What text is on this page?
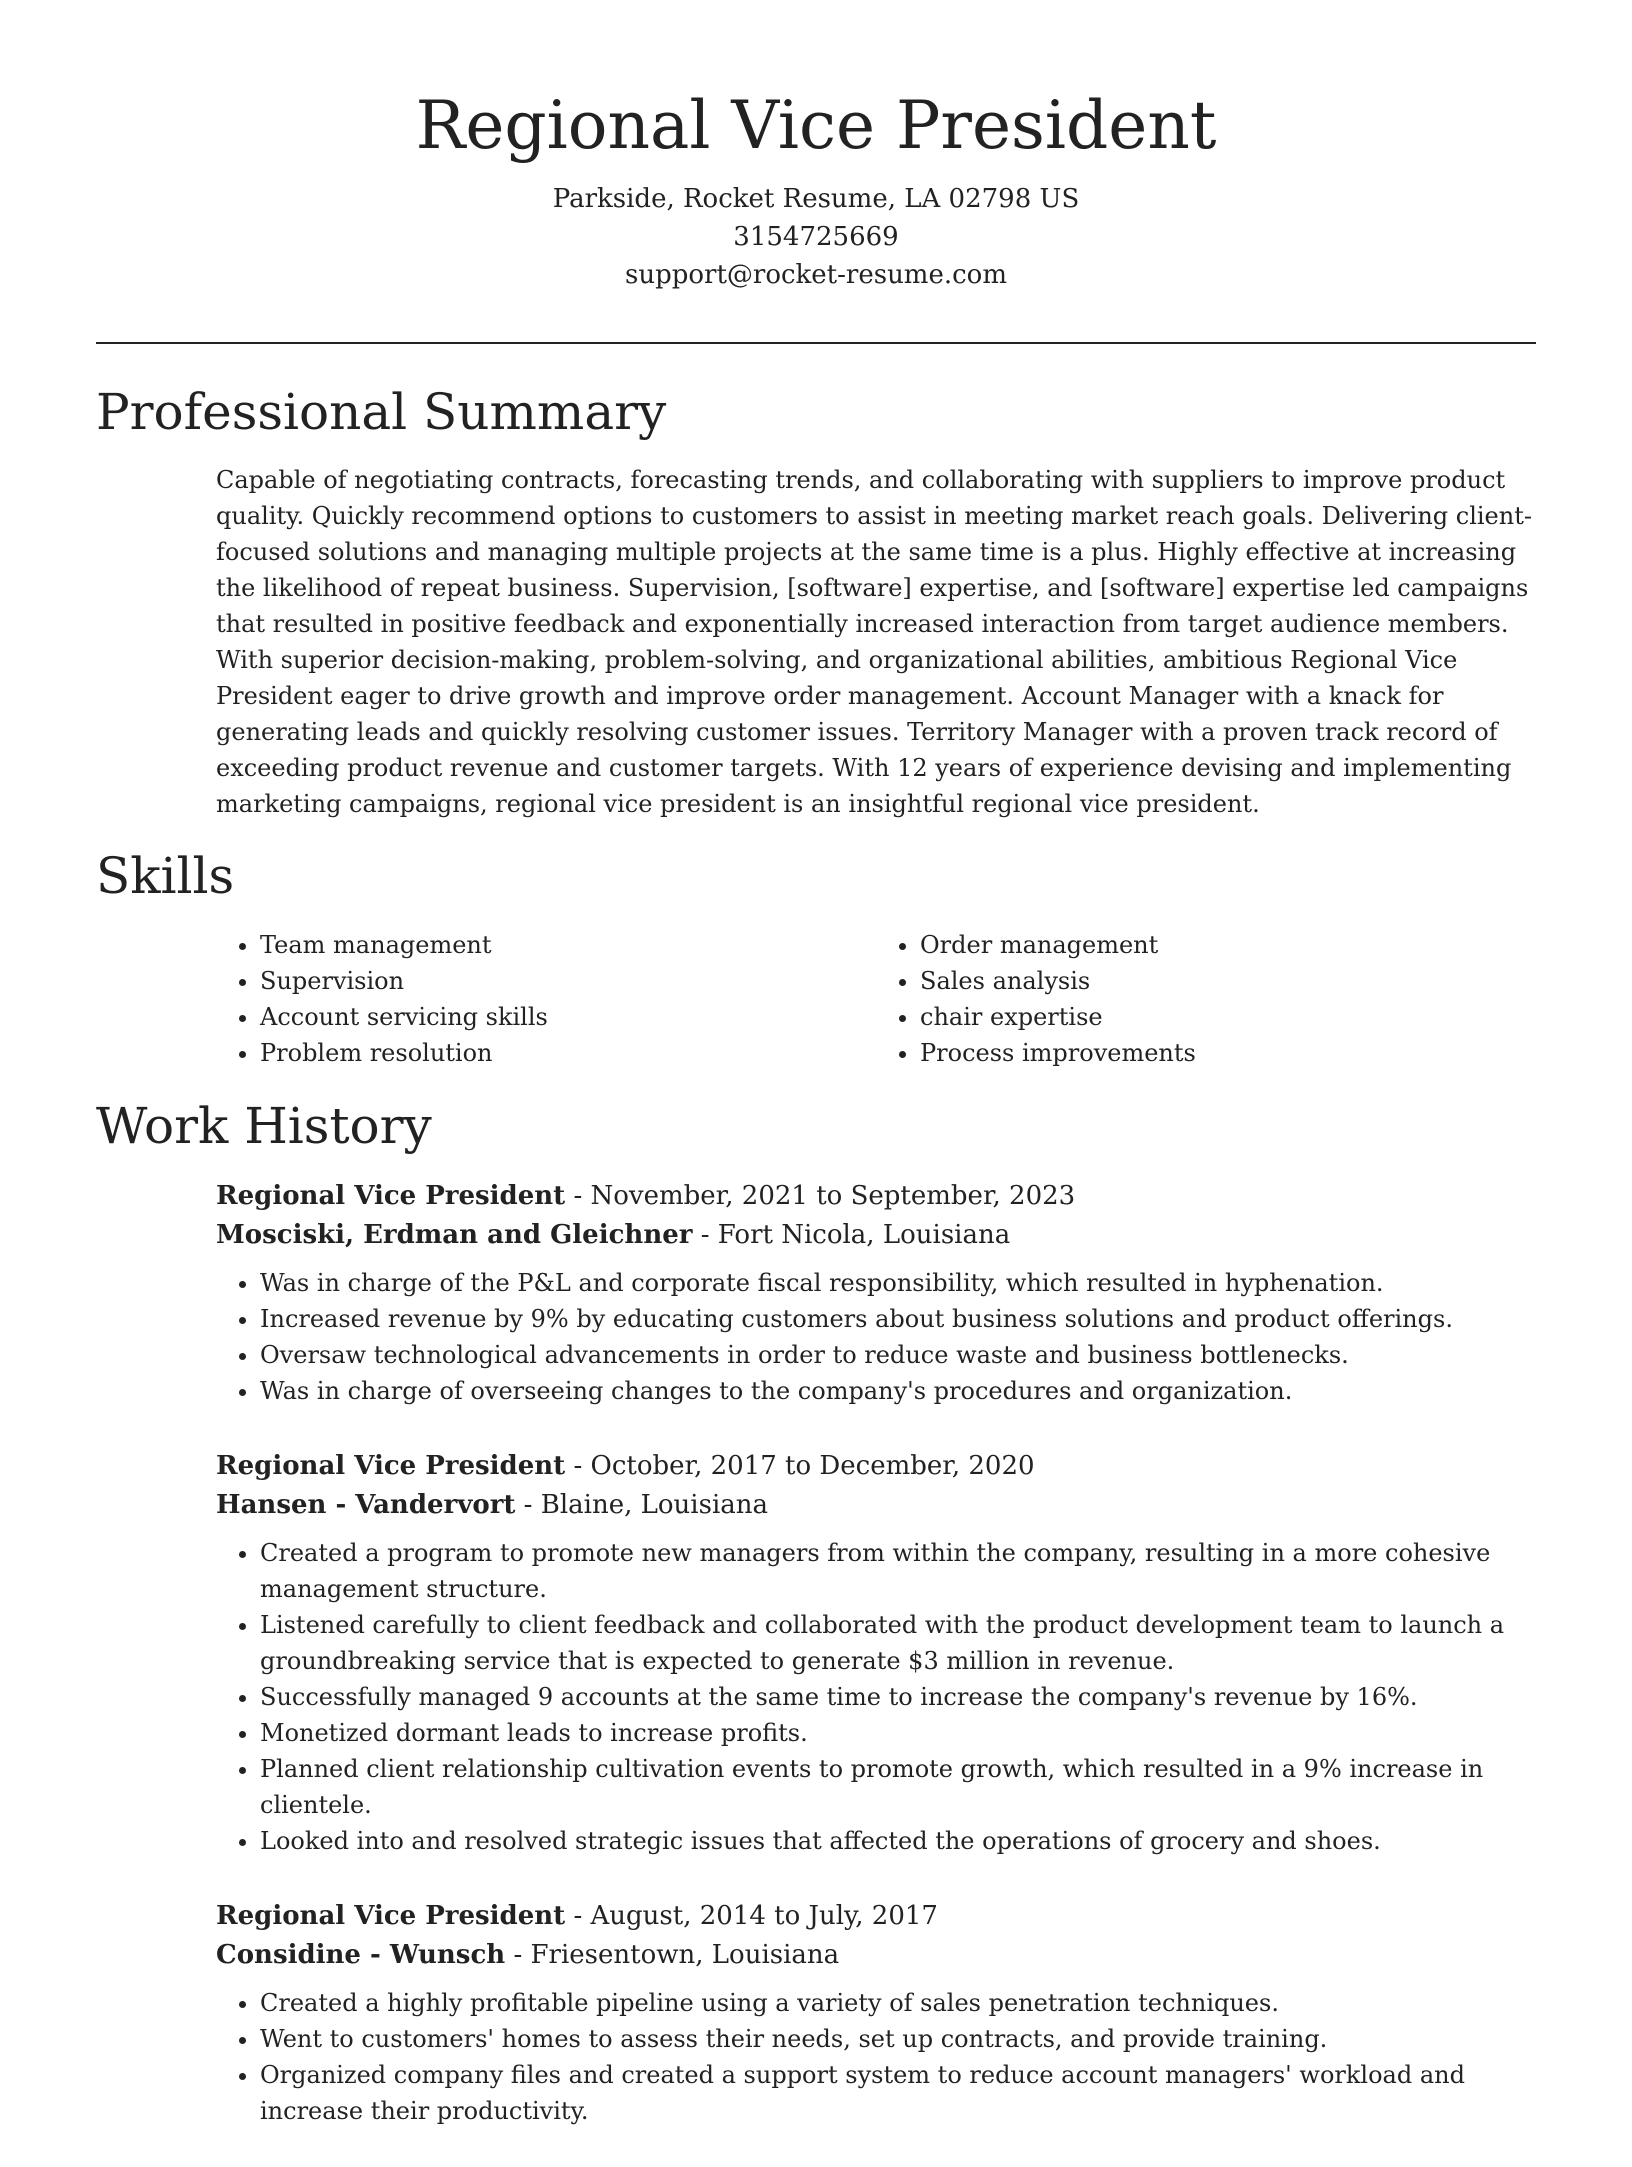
Regional Vice President
Parkside, Rocket Resume, LA 02798 US
3154725669
support@rocket-resume.com
Professional Summary

Capable of negotiating contracts, forecasting trends, and collaborating with suppliers to improve product quality. Quickly recommend options to customers to assist in meeting market reach goals. Delivering client-focused solutions and managing multiple projects at the same time is a plus. Highly effective at increasing the likelihood of repeat business. Supervision, [software] expertise, and [software] expertise led campaigns that resulted in positive feedback and exponentially increased interaction from target audience members. With superior decision-making, problem-solving, and organizational abilities, ambitious Regional Vice President eager to drive growth and improve order management. Account Manager with a knack for generating leads and quickly resolving customer issues. Territory Manager with a proven track record of exceeding product revenue and customer targets. With 12 years of experience devising and implementing marketing campaigns, regional vice president is an insightful regional vice president.

Skills
• Team management
• Supervision
• Account servicing skills
• Problem resolution
• Order management
• Sales analysis
• chair expertise
• Process improvements
Work History
Regional Vice President - November, 2021 to September, 2023
Mosciski, Erdman and Gleichner - Fort Nicola, Louisiana
• Was in charge of the P&L and corporate fiscal responsibility, which resulted in hyphenation.
• Increased revenue by 9% by educating customers about business solutions and product offerings.
• Oversaw technological advancements in order to reduce waste and business bottlenecks.
• Was in charge of overseeing changes to the company's procedures and organization.
Regional Vice President - October, 2017 to December, 2020
Hansen - Vandervort - Blaine, Louisiana
• Created a program to promote new managers from within the company, resulting in a more cohesive management structure.
• Listened carefully to client feedback and collaborated with the product development team to launch a groundbreaking service that is expected to generate $3 million in revenue.
• Successfully managed 9 accounts at the same time to increase the company's revenue by 16%.
• Monetized dormant leads to increase profits.
• Planned client relationship cultivation events to promote growth, which resulted in a 9% increase in clientele.
• Looked into and resolved strategic issues that affected the operations of grocery and shoes.
Regional Vice President - August, 2014 to July, 2017
Considine - Wunsch - Friesentown, Louisiana
• Created a highly profitable pipeline using a variety of sales penetration techniques.
• Went to customers' homes to assess their needs, set up contracts, and provide training.
• Organized company files and created a support system to reduce account managers' workload and increase their productivity.
